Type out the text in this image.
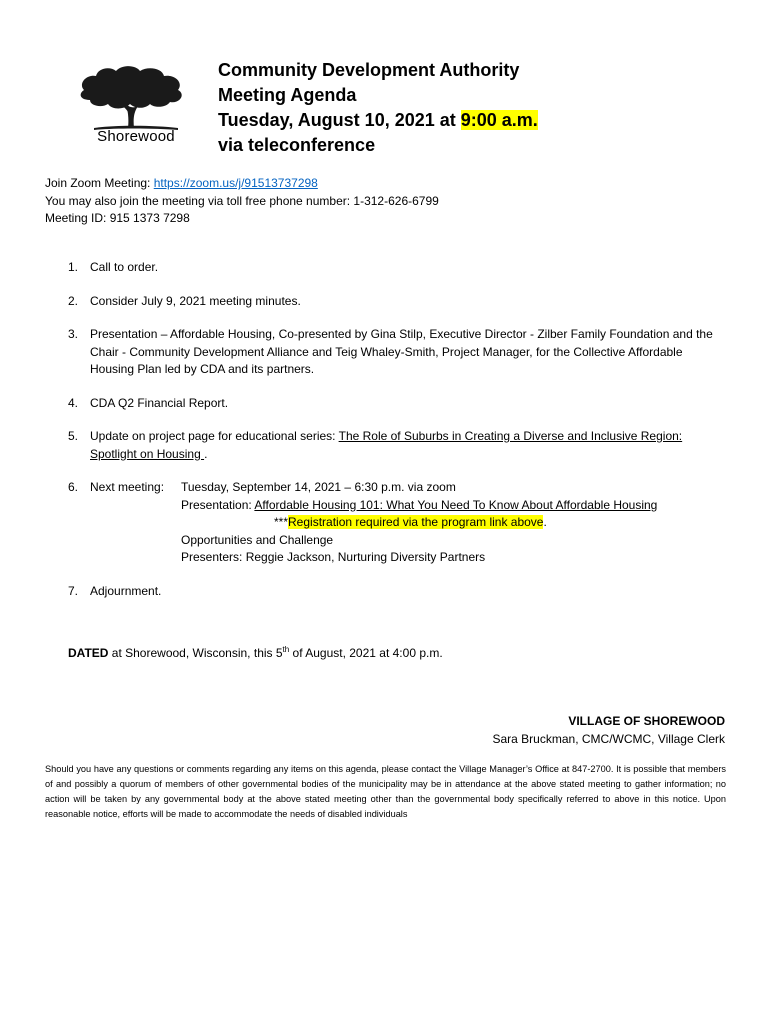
Shorewood
Community Development Authority
Meeting Agenda
Tuesday, August 10, 2021 at 9:00 a.m.
via teleconference
Join Zoom Meeting: https://zoom.us/j/91513737298
You may also join the meeting via toll free phone number: 1-312-626-6799
Meeting ID: 915 1373 7298
1. Call to order.
2. Consider July 9, 2021 meeting minutes.
3. Presentation – Affordable Housing, Co-presented by Gina Stilp, Executive Director - Zilber Family Foundation and the Chair - Community Development Alliance and Teig Whaley-Smith, Project Manager, for the Collective Affordable Housing Plan led by CDA and its partners.
4. CDA Q2 Financial Report.
5. Update on project page for educational series: The Role of Suburbs in Creating a Diverse and Inclusive Region: Spotlight on Housing .
6. Next meeting: Tuesday, September 14, 2021 – 6:30 p.m. via zoom
Presentation: Affordable Housing 101: What You Need To Know About Affordable Housing
***Registration required via the program link above.
Opportunities and Challenge
Presenters: Reggie Jackson, Nurturing Diversity Partners
7. Adjournment.
DATED at Shorewood, Wisconsin, this 5th of August, 2021 at 4:00 p.m.
VILLAGE OF SHOREWOOD
Sara Bruckman, CMC/WCMC, Village Clerk
Should you have any questions or comments regarding any items on this agenda, please contact the Village Manager’s Office at 847-2700. It is possible that members of and possibly a quorum of members of other governmental bodies of the municipality may be in attendance at the above stated meeting to gather information; no action will be taken by any governmental body at the above stated meeting other than the governmental body specifically referred to above in this notice. Upon reasonable notice, efforts will be made to accommodate the needs of disabled individuals
